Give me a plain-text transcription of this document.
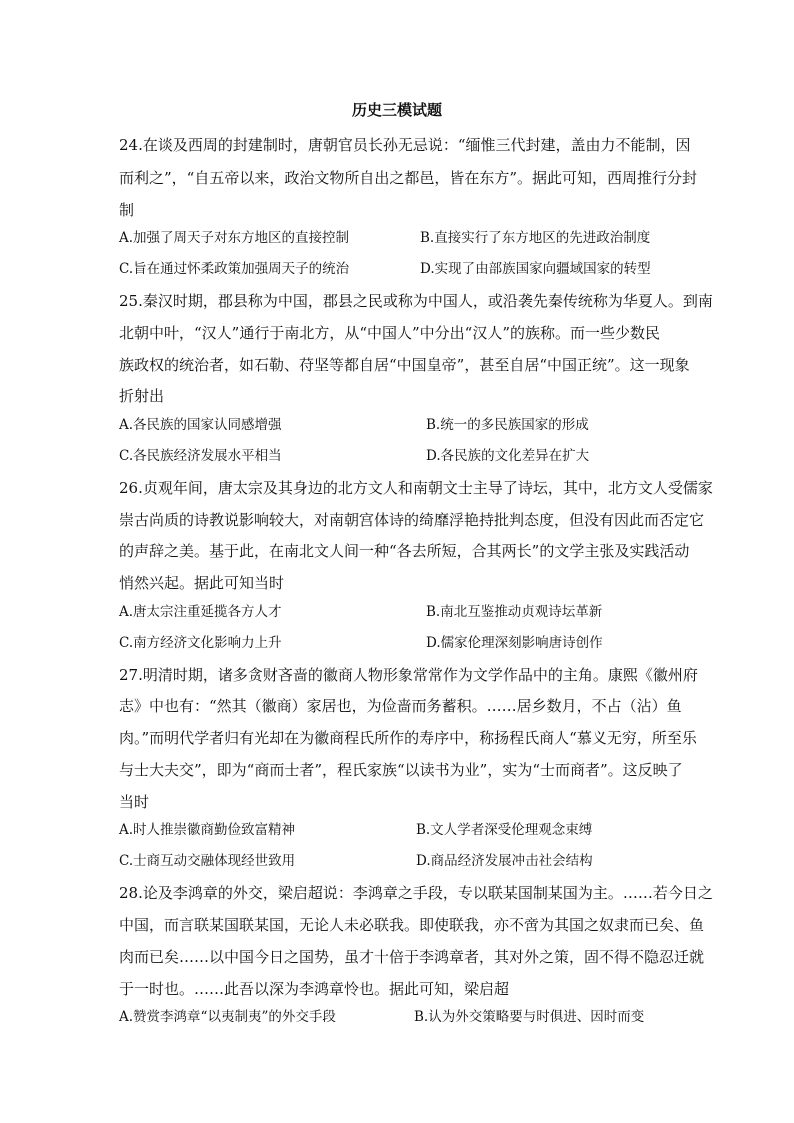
历史三模试题
24.在谈及西周的封建制时，唐朝官员长孙无忌说：“缅惟三代封建，盖由力不能制，因
而利之”，“自五帝以来，政治文物所自出之都邑，皆在东方”。据此可知，西周推行分封
制
A.加强了周天子对东方地区的直接控制	B.直接实行了东方地区的先进政治制度
C.旨在通过怀柔政策加强周天子的统治	D.实现了由部族国家向疆域国家的转型
25.秦汉时期，郡县称为中国，郡县之民或称为中国人，或沿袭先秦传统称为华夏人。到南
北朝中叶，“汉人”通行于南北方，从“中国人”中分出“汉人”的族称。而一些少数民
族政权的统治者，如石勒、苻坚等都自居“中国皇帝”，甚至自居“中国正统”。这一现象
折射出
A.各民族的国家认同感增强	B.统一的多民族国家的形成
C.各民族经济发展水平相当	D.各民族的文化差异在扩大
26.贞观年间，唐太宗及其身边的北方文人和南朝文士主导了诗坛，其中，北方文人受儒家
崇古尚质的诗教说影响较大，对南朝宫体诗的绮靡浮艳持批判态度，但没有因此而否定它
的声辞之美。基于此，在南北文人间一种“各去所短，合其两长”的文学主张及实践活动
悄然兴起。据此可知当时
A.唐太宗注重延揽各方人才	B.南北互鉴推动贞观诗坛革新
C.南方经济文化影响力上升	D.儒家伦理深刻影响唐诗创作
27.明清时期，诸多贪财吝啬的徽商人物形象常常作为文学作品中的主角。康熙《徽州府
志》中也有：“然其（徽商）家居也，为俭啬而务蓄积。……居乡数月，不占（沾）鱼
肉。”而明代学者归有光却在为徽商程氏所作的寿序中，称扬程氏商人“慕义无穷，所至乐
与士大夫交”，即为“商而士者”，程氏家族“以读书为业”，实为“士而商者”。这反映了
当时
A.时人推崇徽商勤俭致富精神	B.文人学者深受伦理观念束缚
C.士商互动交融体现经世致用	D.商品经济发展冲击社会结构
28.论及李鸿章的外交，梁启超说：李鸿章之手段，专以联某国制某国为主。……若今日之
中国，而言联某国联某国，无论人未必联我。即使联我，亦不啻为其国之奴隶而已矣、鱼
肉而已矣……以中国今日之国势，虽才十倍于李鸿章者，其对外之策，固不得不隐忍迁就
于一时也。……此吾以深为李鸿章怜也。据此可知，梁启超
A.赞赏李鸿章“以夷制夷”的外交手段	B.认为外交策略要与时俱进、因时而变
